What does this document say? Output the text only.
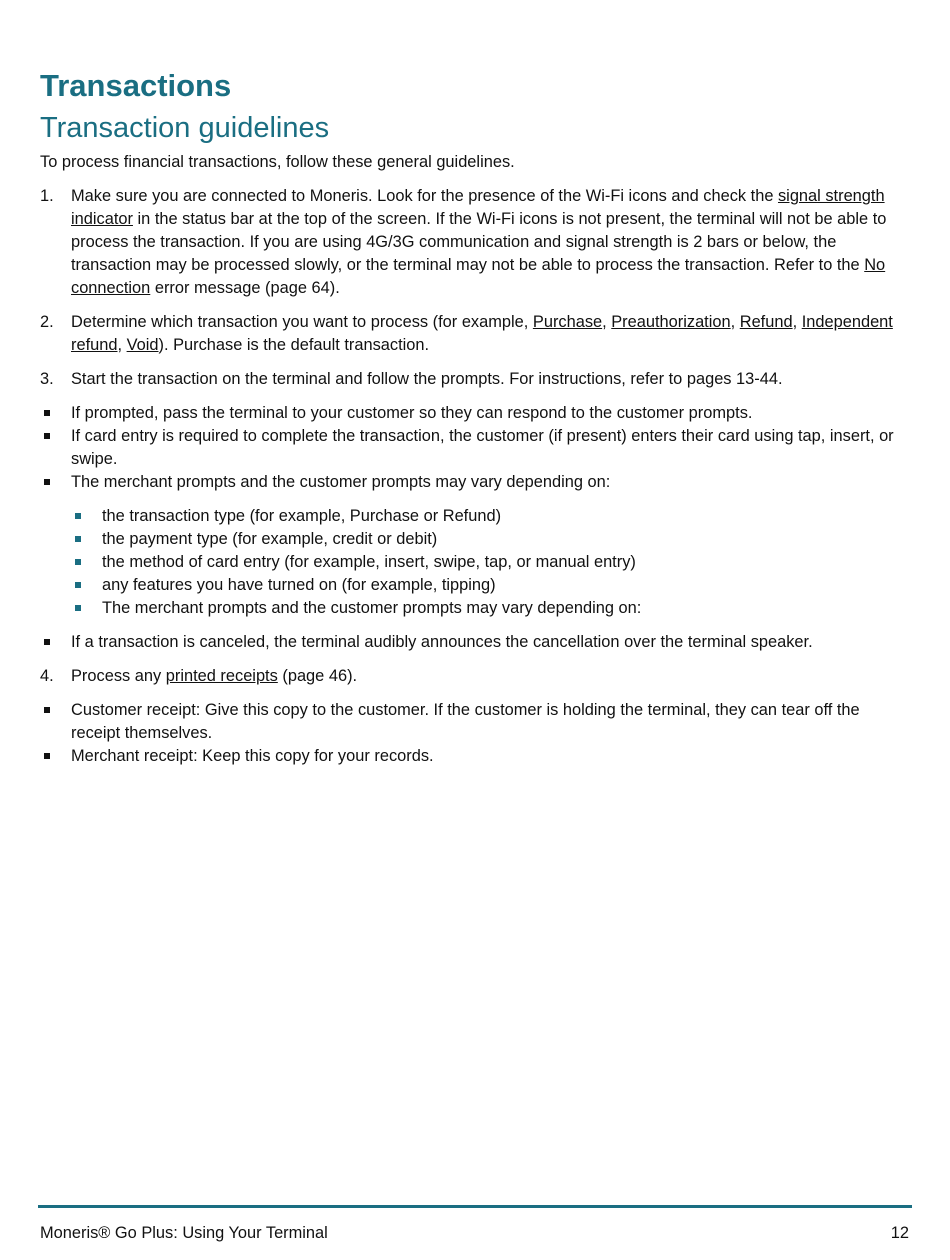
Transactions
Transaction guidelines
To process financial transactions, follow these general guidelines.
1. Make sure you are connected to Moneris. Look for the presence of the Wi-Fi icons and check the signal strength indicator in the status bar at the top of the screen. If the Wi-Fi icons is not present, the terminal will not be able to process the transaction. If you are using 4G/3G communication and signal strength is 2 bars or below, the transaction may be processed slowly, or the terminal may not be able to process the transaction. Refer to the No connection error message (page 64).
2. Determine which transaction you want to process (for example, Purchase, Preauthorization, Refund, Independent refund, Void). Purchase is the default transaction.
3. Start the transaction on the terminal and follow the prompts. For instructions, refer to pages 13-44.
If prompted, pass the terminal to your customer so they can respond to the customer prompts.
If card entry is required to complete the transaction, the customer (if present) enters their card using tap, insert, or swipe.
The merchant prompts and the customer prompts may vary depending on:
the transaction type (for example, Purchase or Refund)
the payment type (for example, credit or debit)
the method of card entry (for example, insert, swipe, tap, or manual entry)
any features you have turned on (for example, tipping)
The merchant prompts and the customer prompts may vary depending on:
If a transaction is canceled, the terminal audibly announces the cancellation over the terminal speaker.
4. Process any printed receipts (page 46).
Customer receipt: Give this copy to the customer. If the customer is holding the terminal, they can tear off the receipt themselves.
Merchant receipt: Keep this copy for your records.
Moneris® Go Plus: Using Your Terminal	12
